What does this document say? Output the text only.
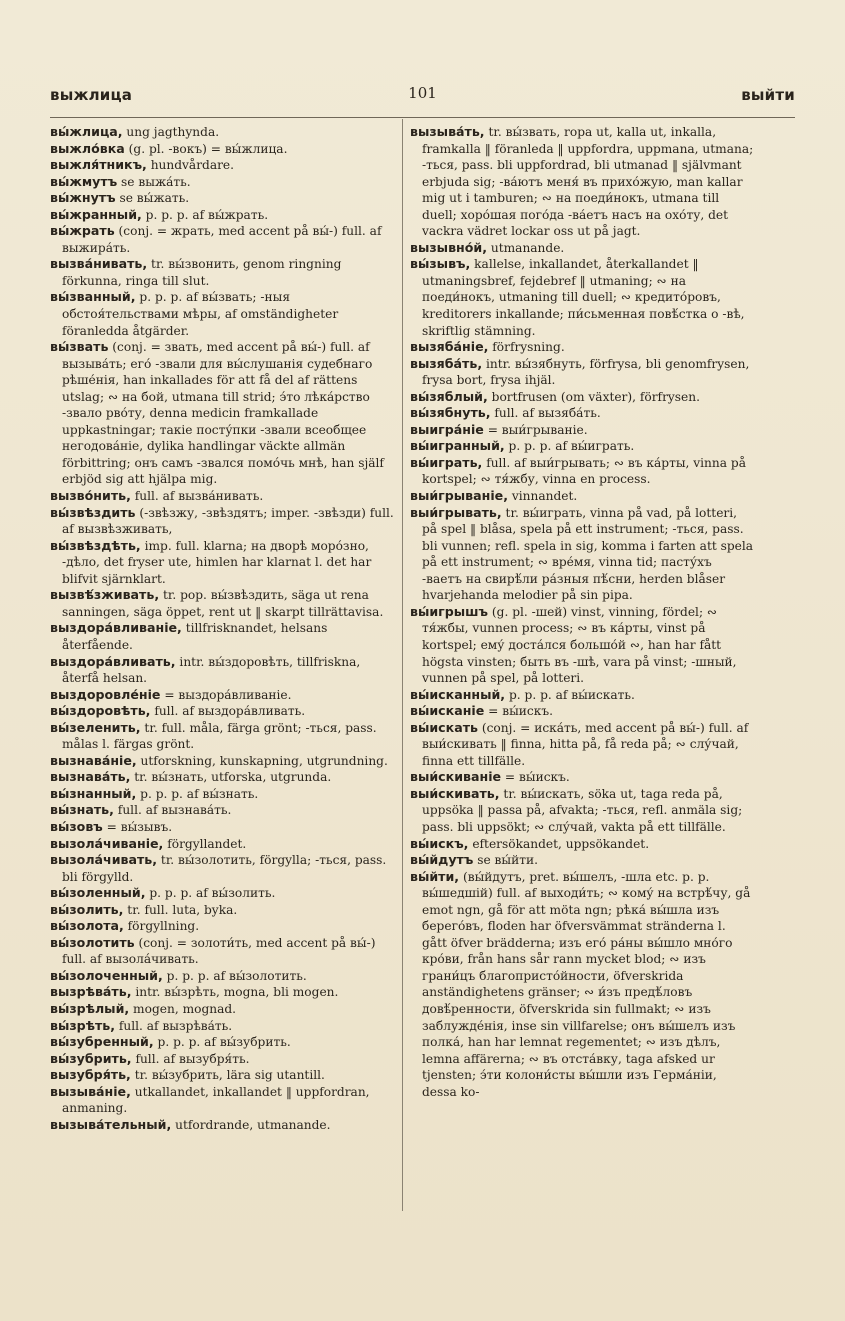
выжлица	101	выйти
вы́жлица, ung jagthynda.
выжло́вка (g. pl. -вокъ) = вы́жлица.
выжля́тникъ, hundvårdare.
вы́жмутъ se выжа́ть.
вы́жнутъ se вы́жать.
вы́жранный, p. p. p. af вы́жрать.
вы́жрать (conj. = жрать, med accent på вы́-) full. af выжира́ть.
вызва́нивать, tr. вы́звонить, genom ringning förkunna, ringa till slut.
вы́званный, p. p. p. af вы́звать; -ныя обстоя́тельствами мѣры, af omständigheter föranledda åtgärder.
вы́звать (conj. = звать, med accent på вы́-) full. af вызыва́ть; его́ -звали для вы́слушанія судебнаго рѣше́нія, han inkallades för att få del af rättens utslag; ∾ на бой, utmana till strid; э́то лѣка́рство -звало рво́ту, denna medicin framkallade uppkastningar; такіе посту́пки -звали всеобщее негодова́ніе, dylika handlingar väckte allmän förbittring; онъ самъ -звался помо́чь мнѣ, han själf erbjöd sig att hjälpa mig.
вызво́нить, full. af вызва́нивать.
вы́звѣздить (-звѣзжу, -звѣздятъ; imper. -звѣзди) full. af вызвѣзживать,
вы́звѣздѣть, imp. full. klarna; на дворѣ моро́зно, -дѣло, det fryser ute, himlen har klarnat l. det har blifvit sjärnklart.
вызвѣ́зживать, tr. pop. вы́звѣздить, säga ut rena sanningen, säga öppet, rent ut ‖ skarpt tillrättavisa.
выздора́вливаніе, tillfrisknandet, helsans återfående.
выздора́вливать, intr. вы́здоровѣть, tillfriskna, återfå helsan.
выздоровле́ніе = выздора́вливаніе.
вы́здоровѣть, full. af выздора́вливать.
вы́зеленить, tr. full. måla, färga grönt; -ться, pass. målas l. färgas grönt.
вызнава́ніе, utforskning, kunskapning, utgrundning.
вызнава́ть, tr. вы́знать, utforska, utgrunda.
вы́знанный, p. p. p. af вы́знать.
вы́знать, full. af вызнава́ть.
вы́зовъ = вы́зывъ.
вызола́чиваніе, förgyllandet.
вызола́чивать, tr. вы́золотить, förgylla; -ться, pass. bli förgylld.
вы́золенный, p. p. p. af вы́золить.
вы́золить, tr. full. luta, byka.
вы́золота, förgyllning.
вы́золотить (conj. = золоти́ть, med accent på вы́-) full. af вызола́чивать.
вы́золоченный, p. p. p. af вы́золотить.
вызрѣва́ть, intr. вы́зрѣть, mogna, bli mogen.
вы́зрѣлый, mogen, mognad.
вы́зрѣть, full. af вызрѣва́ть.
вы́зубренный, p. p. p. af вы́зубрить.
вы́зубрить, full. af вызубря́ть.
вызубря́ть, tr. вы́зубрить, lära sig utantill.
вызыва́ніе, utkallandet, inkallandet ‖ uppfordran, anmaning.
вызыва́тельный, utfordrande, utmanande.
вызыва́ть, tr. вы́звать, ropa ut, kalla ut, inkalla, framkalla ‖ föranleda ‖ uppfordra, uppmana, utmana; -ться, pass. bli uppfordrad, bli utmanad ‖ självmant erbjuda sig; -ва́ютъ меня́ въ прихо́жую, man kallar mig ut i tamburen; ∾ на поеди́нокъ, utmana till duell; хоро́шая пого́да -ва́етъ насъ на охо́ту, det vackra vädret lockar oss ut på jagt.
вызывно́й, utmanande.
вы́зывъ, kallelse, inkallandet, återkallandet ‖ utmaningsbref, fejdebref ‖ utmaning; ∾ на поеди́нокъ, utmaning till duell; ∾ кредито́ровъ, kreditorers inkallande; пи́сьменная повѣ́стка о -вѣ, skriftlig stämning.
вызяба́ніе, förfrysning.
вызяба́ть, intr. вы́зябнуть, förfrysa, bli genomfrysen, frysa bort, frysa ihjäl.
вы́зяблый, bortfrusen (om växter), förfrysen.
вы́зябнуть, full. af вызяба́ть.
выигра́ніе = выи́грываніе.
вы́игранный, p. p. p. af вы́играть.
вы́играть, full. af выи́грывать; ∾ въ ка́рты, vinna på kortspel; ∾ тя́жбу, vinna en process.
выи́грываніе, vinnandet.
выи́грывать, tr. вы́играть, vinna på vad, på lotteri, på spel ‖ blåsa, spela på ett instrument; -ться, pass. bli vunnen; refl. spela in sig, komma i farten att spela på ett instrument; ∾ вре́мя, vinna tid; пасту́хъ -ваетъ на свирѣ́ли ра́зныя пѣ́сни, herden blåser hvarjehanda melodier på sin pipa.
вы́игрышъ (g. pl. -шей) vinst, vinning, fördel; ∾ тя́жбы, vunnen process; ∾ въ ка́рты, vinst på kortspel; ему́ доста́лся большо́й ∾, han har fått högsta vinsten; быть въ -шѣ, vara på vinst; -шный, vunnen på spel, på lotteri.
вы́исканный, p. p. p. af вы́искать.
вы́исканіе = вы́искъ.
вы́искать (conj. = иска́ть, med accent på вы́-) full. af выи́скивать ‖ finna, hitta på, få reda på; ∾ слу́чай, finna ett tillfälle.
выи́скиваніе = вы́искъ.
выи́скивать, tr. вы́искать, söka ut, taga reda på, uppsöka ‖ passa på, afvakta; -ться, refl. anmäla sig; pass. bli uppsökt; ∾ слу́чай, vakta på ett tillfälle.
вы́искъ, eftersökandet, uppsökandet.
вы́йдутъ se вы́йти.
вы́йти, (вы́йдутъ, pret. вы́шелъ, -шла etc. p. p. вы́шедшій) full. af выходи́ть; ∾ кому́ на встрѣ́чу, gå emot ngn, gå för att möta ngn; рѣка́ вы́шла изъ берего́въ, floden har öfversvämmat stränderna l. gått öfver brädderna; изъ его́ ра́ны вы́шло мно́го кро́ви, från hans sår rann mycket blod; ∾ изъ грани́цъ благопристо́йности, öfverskrida anständighetens gränser; ∾ и́зъ предѣ́ловъ довѣ́ренности, öfverskrida sin fullmakt; ∾ изъ заблужде́нія, inse sin villfarelse; онъ вы́шелъ изъ полка́, han har lemnat regementet; ∾ изъ дѣлъ, lemna affärerna; ∾ въ отста́вку, taga afsked ur tjensten; э́ти колони́сты вы́шли изъ Герма́ніи, dessa ko-
